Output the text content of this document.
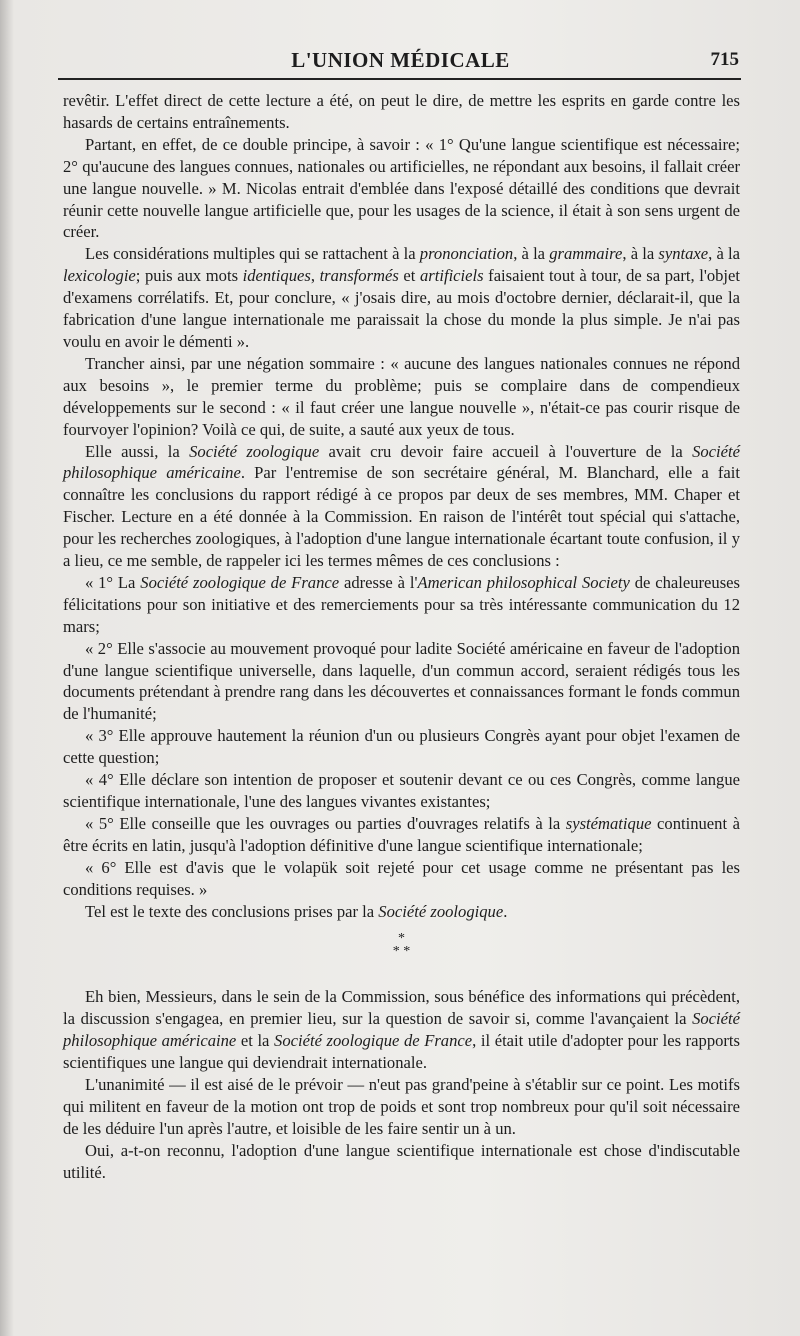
L'UNION MÉDICALE	715

revêtir. L'effet direct de cette lecture a été, on peut le dire, de mettre les esprits en garde contre les hasards de certains entraînements.

Partant, en effet, de ce double principe, à savoir : « 1° Qu'une langue scientifique est nécessaire; 2° qu'aucune des langues connues, nationales ou artificielles, ne répondant aux besoins, il fallait créer une langue nouvelle. » M. Nicolas entrait d'emblée dans l'exposé détaillé des conditions que devrait réunir cette nouvelle langue artificielle que, pour les usages de la science, il était à son sens urgent de créer.

Les considérations multiples qui se rattachent à la prononciation, à la grammaire, à la syntaxe, à la lexicologie; puis aux mots identiques, transformés et artificiels faisaient tout à tour, de sa part, l'objet d'examens corrélatifs. Et, pour conclure, « j'osais dire, au mois d'octobre dernier, déclarait-il, que la fabrication d'une langue internationale me paraissait la chose du monde la plus simple. Je n'ai pas voulu en avoir le démenti ».

Trancher ainsi, par une négation sommaire : « aucune des langues nationales connues ne répond aux besoins », le premier terme du problème; puis se complaire dans de compendieux développements sur le second : « il faut créer une langue nouvelle », n'était-ce pas courir risque de fourvoyer l'opinion? Voilà ce qui, de suite, a sauté aux yeux de tous.

Elle aussi, la Société zoologique avait cru devoir faire accueil à l'ouverture de la Société philosophique américaine. Par l'entremise de son secrétaire général, M. Blanchard, elle a fait connaître les conclusions du rapport rédigé à ce propos par deux de ses membres, MM. Chaper et Fischer. Lecture en a été donnée à la Commission. En raison de l'intérêt tout spécial qui s'attache, pour les recherches zoologiques, à l'adoption d'une langue internationale écartant toute confusion, il y a lieu, ce me semble, de rappeler ici les termes mêmes de ces conclusions :

« 1° La Société zoologique de France adresse à l'American philosophical Society de chaleureuses félicitations pour son initiative et des remerciements pour sa très intéressante communication du 12 mars;

« 2° Elle s'associe au mouvement provoqué pour ladite Société américaine en faveur de l'adoption d'une langue scientifique universelle, dans laquelle, d'un commun accord, seraient rédigés tous les documents prétendant à prendre rang dans les découvertes et connaissances formant le fonds commun de l'humanité;

« 3° Elle approuve hautement la réunion d'un ou plusieurs Congrès ayant pour objet l'examen de cette question;

« 4° Elle déclare son intention de proposer et soutenir devant ce ou ces Congrès, comme langue scientifique internationale, l'une des langues vivantes existantes;

« 5° Elle conseille que les ouvrages ou parties d'ouvrages relatifs à la systématique continuent à être écrits en latin, jusqu'à l'adoption définitive d'une langue scientifique internationale;

« 6° Elle est d'avis que le volapük soit rejeté pour cet usage comme ne présentant pas les conditions requises. »

Tel est le texte des conclusions prises par la Société zoologique.

*
* *

Eh bien, Messieurs, dans le sein de la Commission, sous bénéfice des informations qui précèdent, la discussion s'engagea, en premier lieu, sur la question de savoir si, comme l'avançaient la Société philosophique américaine et la Société zoologique de France, il était utile d'adopter pour les rapports scientifiques une langue qui deviendrait internationale.

L'unanimité — il est aisé de le prévoir — n'eut pas grand'peine à s'établir sur ce point. Les motifs qui militent en faveur de la motion ont trop de poids et sont trop nombreux pour qu'il soit nécessaire de les déduire l'un après l'autre, et loisible de les faire sentir un à un.

Oui, a-t-on reconnu, l'adoption d'une langue scientifique internationale est chose d'indiscutable utilité.
